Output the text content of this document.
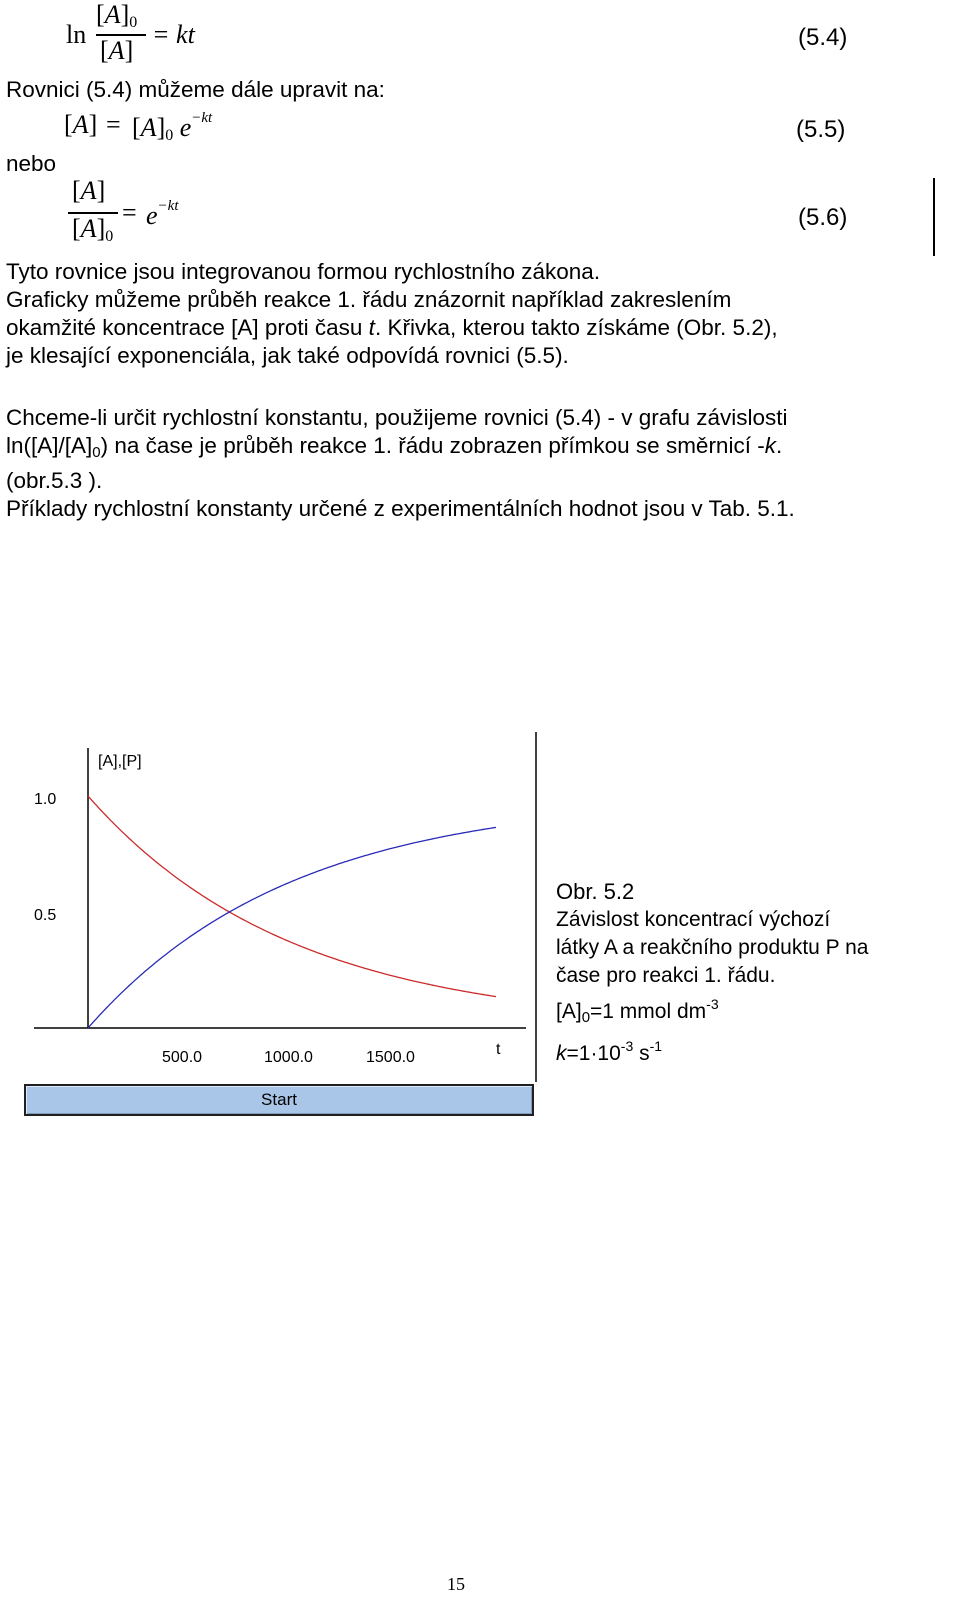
ln
$[A]_0$
[A]
= kt	(5.4)
Rovnici (5.4) můžeme dále upravit na:
$[A] = [A]_0$ $e^{-kt}$	(5.5)
nebo
[A]
$[A]_0$
= $e^{-kt}$	(5.6)
Tyto rovnice jsou integrovanou formou rychlostního zákona.
Graficky můžeme průběh reakce 1. řádu znázornit například zakreslením
okamžité koncentrace [A] proti času t. Křivka, kterou takto získáme (Obr. 5.2),
je klesající exponenciála, jak také odpovídá rovnici (5.5).
Chceme-li určit rychlostní konstantu, použijeme rovnici (5.4) - v grafu závislosti
$\ln([A]/[A]_0)$ na čase je průběh reakce 1. řádu zobrazen přímkou se směrnicí -k.
(obr.5.3 ).
Příklady rychlostní konstanty určené z experimentálních hodnot jsou v Tab. 5.1.
[A],[P]
t
1.0
0.5
500.0	1000.0	1500.0
Start
Obr. 5.2
Závislost koncentrací výchozí
látky A a reakčního produktu P na
čase pro reakci 1. řádu.
$[A]_0=1$ mmol $dm^{-3}$
$k=1\cdot 10^{-3}$ $s^{-1}$
15
